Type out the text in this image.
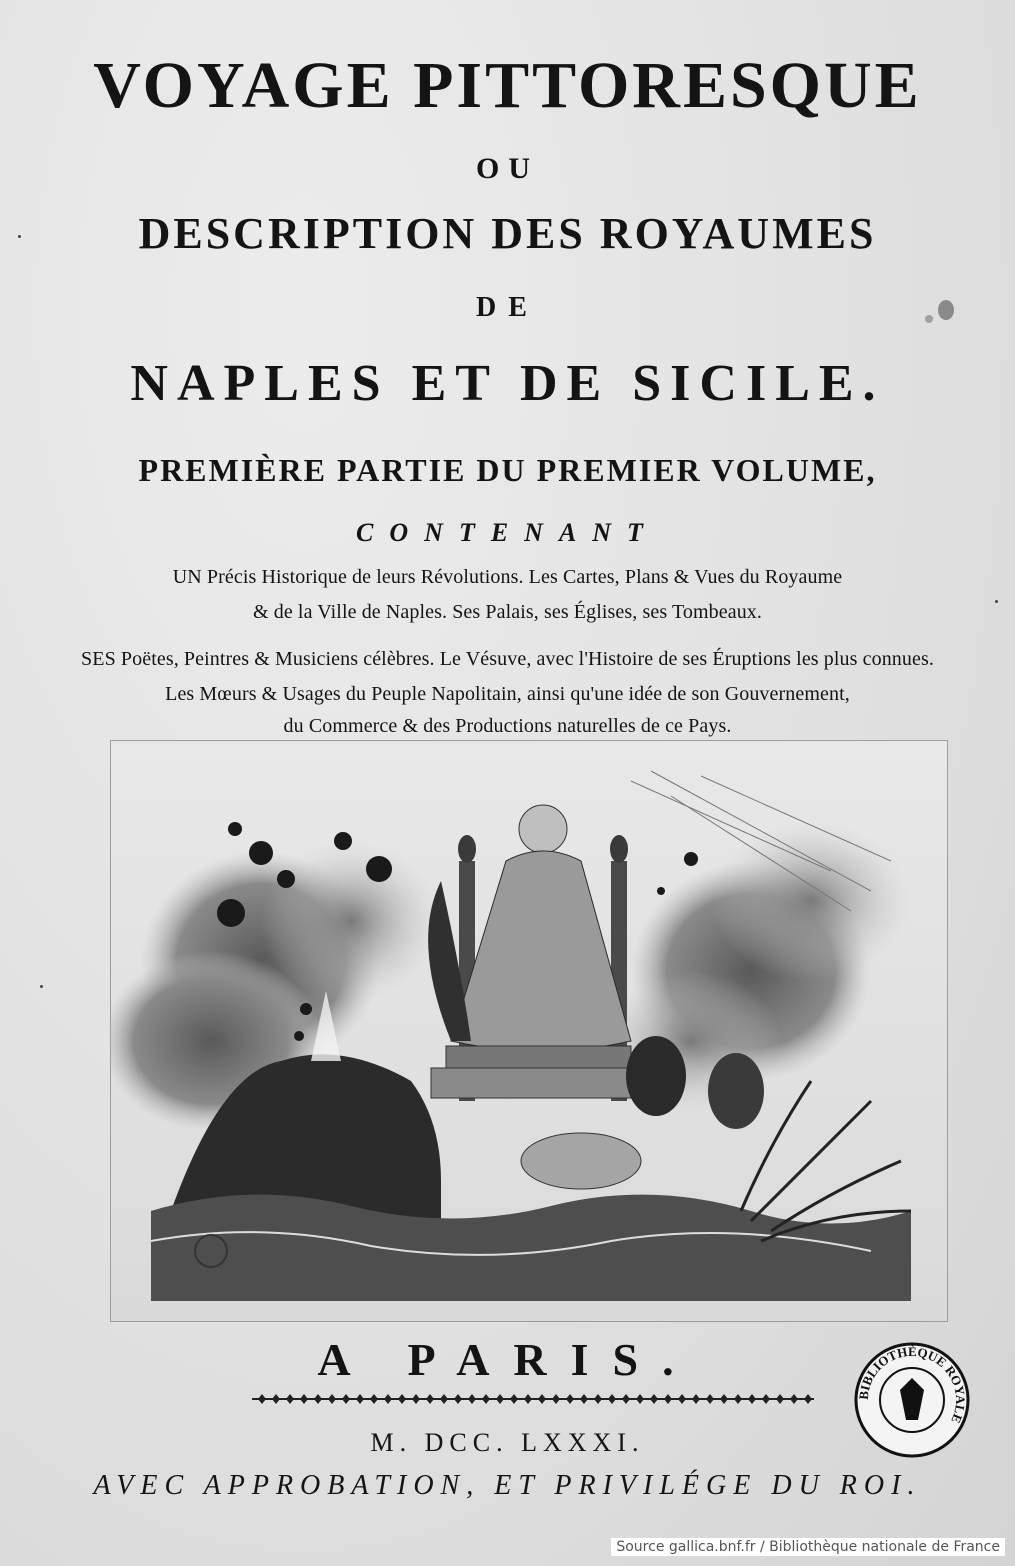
VOYAGE PITTORESQUE
OU
DESCRIPTION DES ROYAUMES
DE
NAPLES ET DE SICILE.
PREMIÈRE PARTIE DU PREMIER VOLUME,
CONTENANT
UN Précis Historique de leurs Révolutions. Les Cartes, Plans & Vues du Royaume
& de la Ville de Naples. Ses Palais, ses Églises, ses Tombeaux.
SES Poëtes, Peintres & Musiciens célèbres. Le Vésuve, avec l'Histoire de ses Éruptions les plus connues.
Les Mœurs & Usages du Peuple Napolitain, ainsi qu'une idée de son Gouvernement,
du Commerce & des Productions naturelles de ce Pays.
A PARIS.
M. DCC. LXXXI.
AVEC APPROBATION, ET PRIVILÉGE DU ROI.
BIBLIOTHÈQUE ROYALE
Source gallica.bnf.fr / Bibliothèque nationale de France
